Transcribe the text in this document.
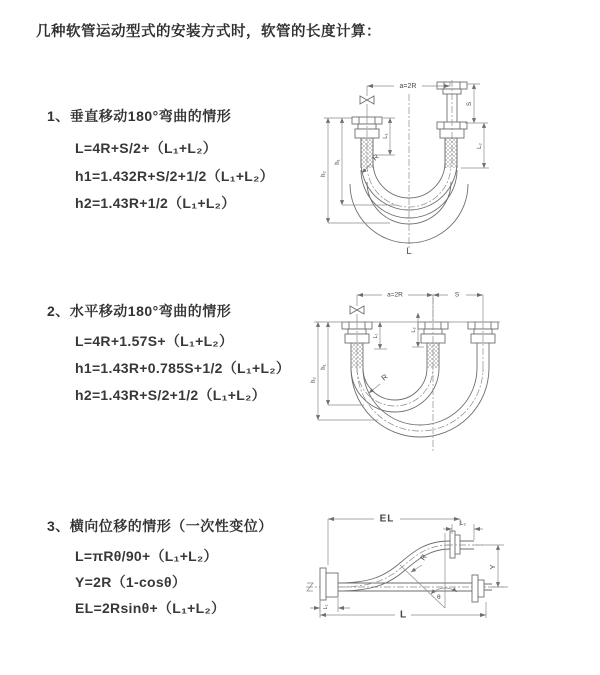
几种软管运动型式的安装方式时，软管的长度计算：
1、垂直移动180°弯曲的情形
L=4R+S/2+（L₁+L₂）
h1=1.432R+S/2+1/2（L₁+L₂）
h2=1.43R+1/2（L₁+L₂）
2、水平移动180°弯曲的情形
L=4R+1.57S+（L₁+L₂）
h1=1.43R+0.785S+1/2（L₁+L₂）
h2=1.43R+S/2+1/2（L₁+L₂）
3、横向位移的情形（一次性变位）
L=πRθ/90+（L₁+L₂）
Y=2R（1-cosθ）
EL=2Rsinθ+（L₁+L₂）
a=2R
S
L₂
L₁
h₁
h₂
R
L
a=2R	S
L₁
L₂
h₁
h₂	R
EL	L₂
Y
L₁
L
θ
R
